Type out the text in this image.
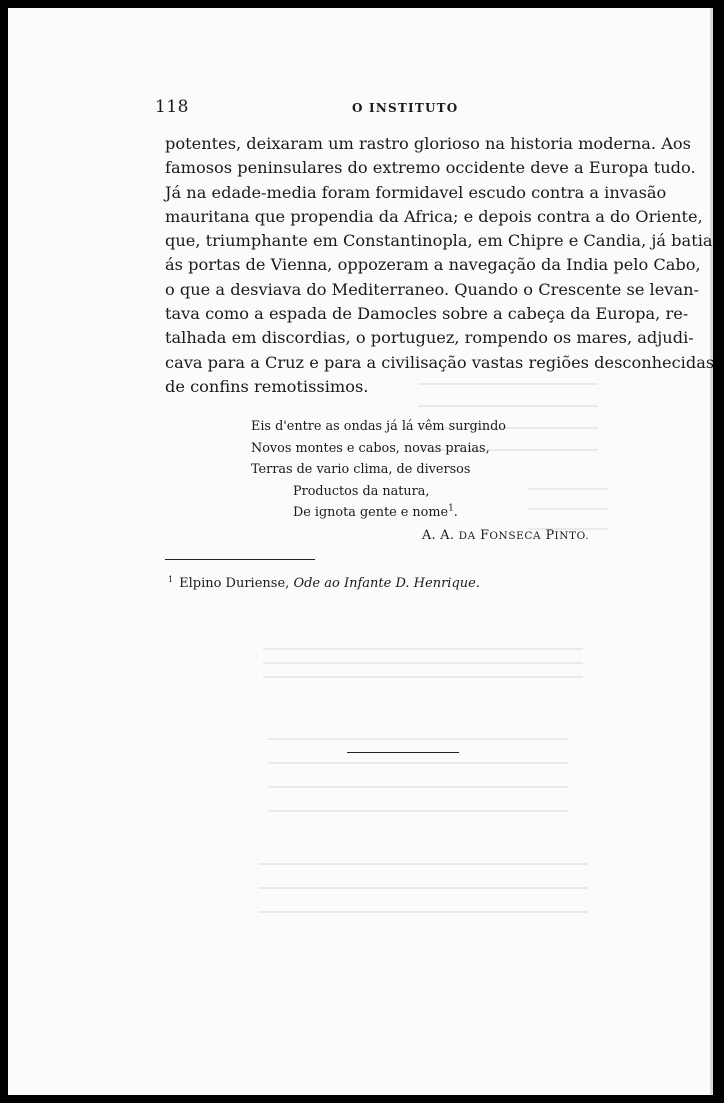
118	O INSTITUTO
potentes, deixaram um rastro glorioso na historia moderna. Aos
famosos peninsulares do extremo occidente deve a Europa tudo.
Já na edade-media foram formidavel escudo contra a invasão
mauritana que propendia da Africa; e depois contra a do Oriente,
que, triumphante em Constantinopla, em Chipre e Candia, já batia
ás portas de Vienna, oppozeram a navegação da India pelo Cabo,
o que a desviava do Mediterraneo. Quando o Crescente se levan-
tava como a espada de Damocles sobre a cabeça da Europa, re-
talhada em discordias, o portuguez, rompendo os mares, adjudi-
cava para a Cruz e para a civilisação vastas regiões desconhecidas
de confins remotissimos.
Eis d'entre as ondas já lá vêm surgindo
Novos montes e cabos, novas praias,
Terras de vario clima, de diversos
Productos da natura,
De ignota gente e nome$^1$.
A. A. DA FONSECA PINTO.
$^1$ Elpino Duriense, Ode ao Infante D. Henrique.
